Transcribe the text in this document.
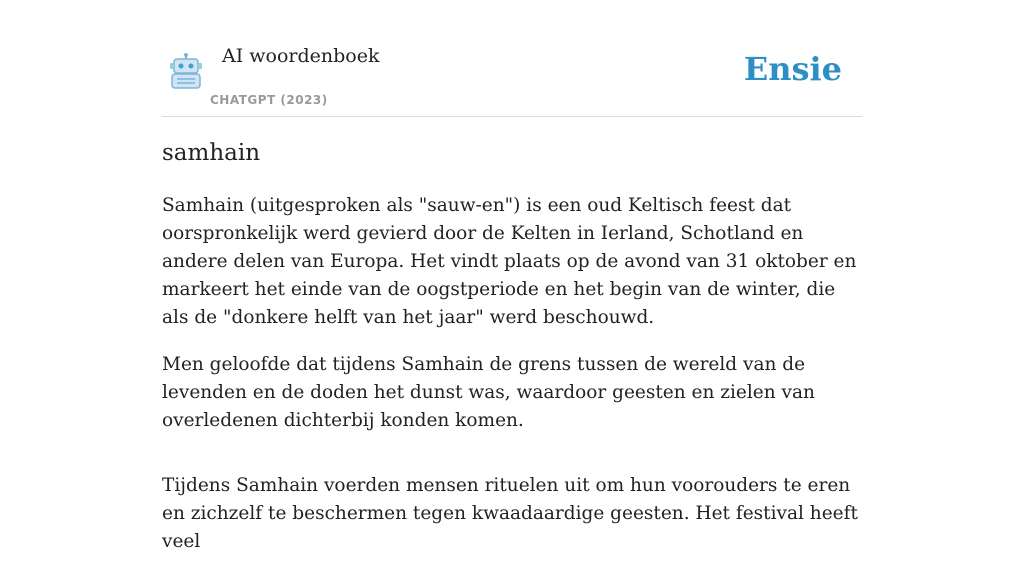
AI woordenboek
CHATGPT (2023)
Ensie
samhain

Samhain (uitgesproken als "sauw-en") is een oud Keltisch feest dat oorspronkelijk werd gevierd door de Kelten in Ierland, Schotland en andere delen van Europa. Het vindt plaats op de avond van 31 oktober en markeert het einde van de oogstperiode en het begin van de winter, die als de "donkere helft van het jaar" werd beschouwd.

Men geloofde dat tijdens Samhain de grens tussen de wereld van de levenden en de doden het dunst was, waardoor geesten en zielen van overledenen dichterbij konden komen.

Tijdens Samhain voerden mensen rituelen uit om hun voorouders te eren en zichzelf te beschermen tegen kwaadaardige geesten. Het festival heeft veel
